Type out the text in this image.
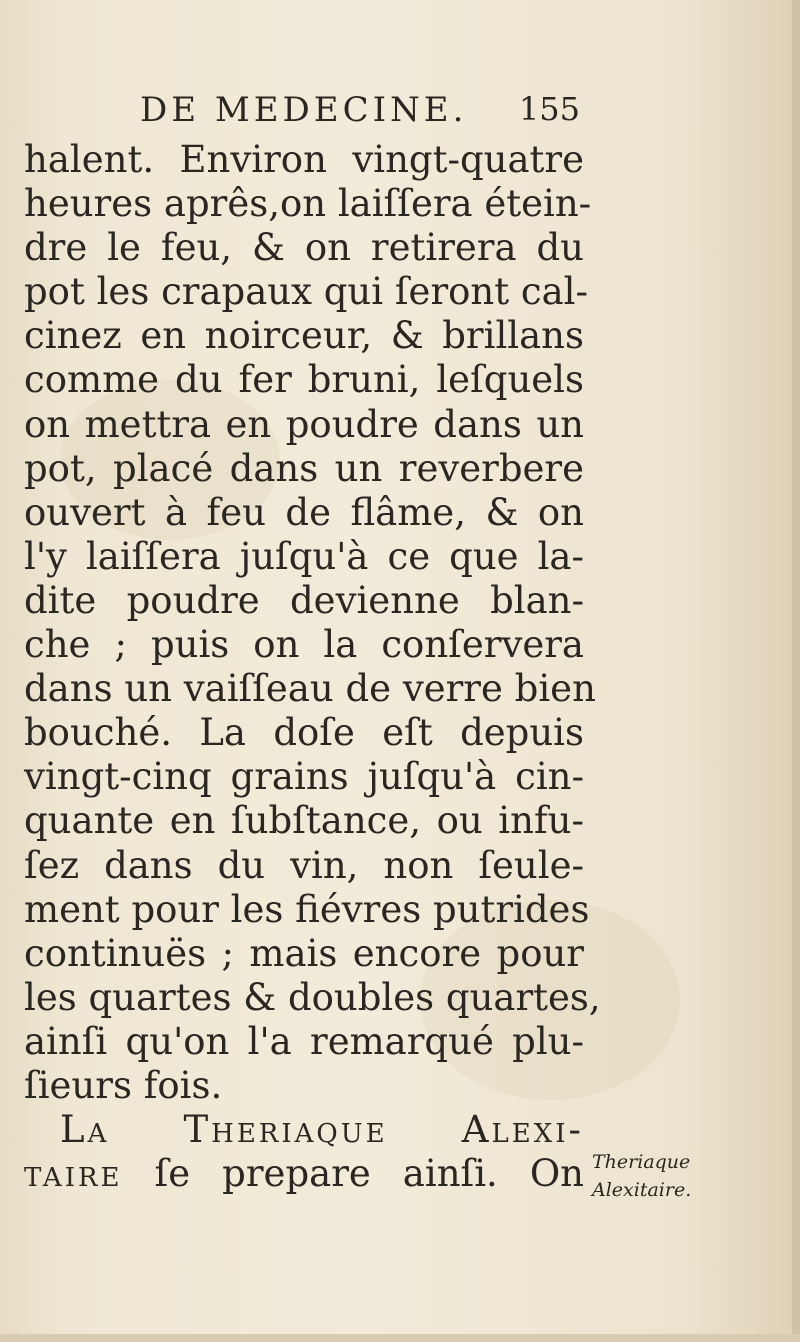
DE MEDECINE. 155
halent. Environ vingt-quatre
heures aprês,on laiſſera étein-
dre le feu, & on retirera du
pot les crapaux qui ſeront cal-
cinez en noirceur, & brillans
comme du fer bruni, leſquels
on mettra en poudre dans un
pot, placé dans un reverbere
ouvert à feu de flâme, & on
l'y laiſſera juſqu'à ce que la-
dite poudre devienne blan-
che ; puis on la conſervera
dans un vaiſſeau de verre bien
bouché. La doſe eſt depuis
vingt-cinq grains juſqu'à cin-
quante en ſubſtance, ou infu-
ſez dans du vin, non ſeule-
ment pour les fiévres putrides
continuës ; mais encore pour
les quartes & doubles quartes,
ainſi qu'on l'a remarqué plu-
ſieurs fois.
La Theriaque Alexi-
taire ſe prepare ainſi. On Theriaque
Alexitaire.
